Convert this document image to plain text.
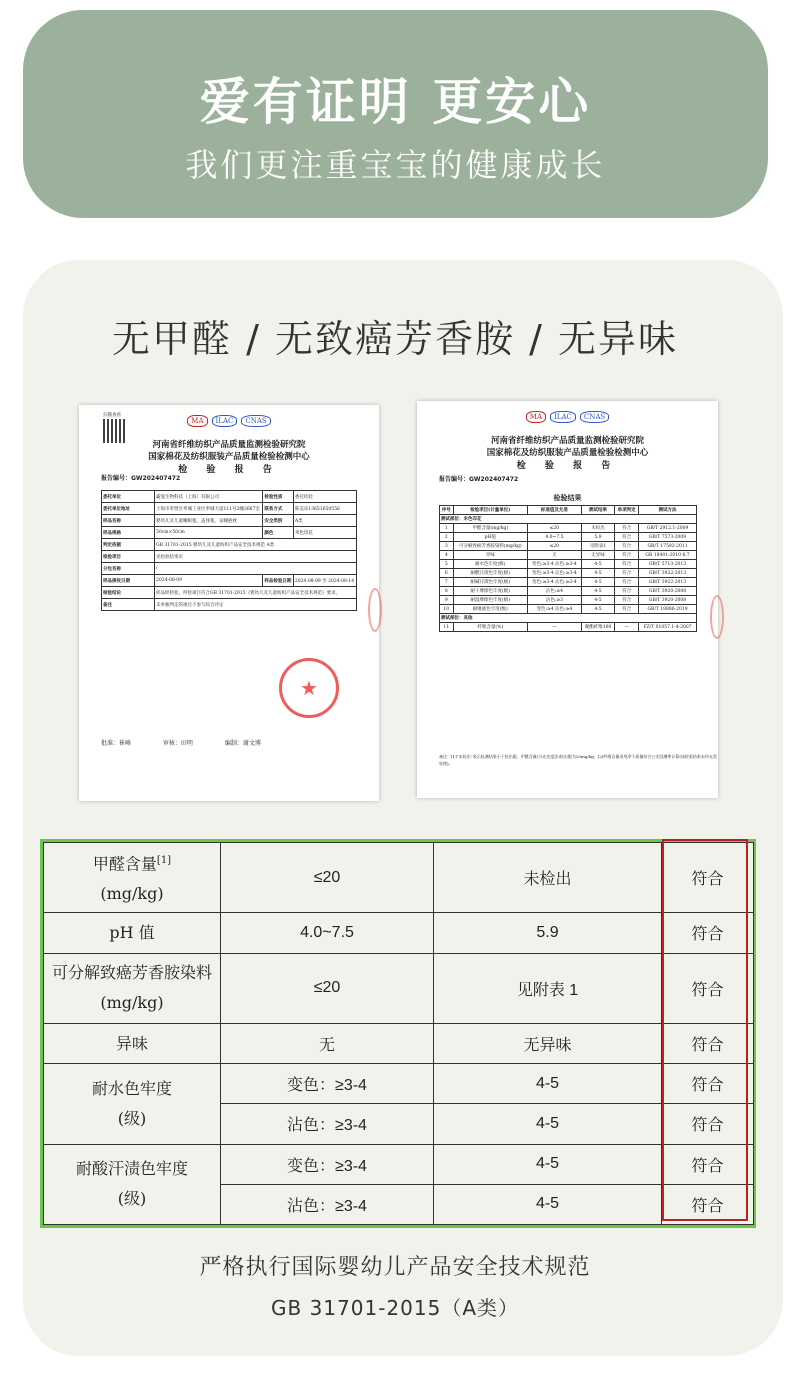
爱有证明 更安心
我们更注重宝宝的健康成长
无甲醛 / 无致癌芳香胺 / 无异味
扫描查看
MA ILAC CNAS
河南省纤维纺织产品质量监测检验研究院
国家棉花及纺织服装产品质量检验检测中心
检 验 报 告
报告编号：GW202407472
委托单位	霸蔻生物科技（上海）有限公司	检验性质	委托检验
委托单位地址	上海市奉贤区奉城工业区奉城大道111号2幢2667室	联系方式	陈美乐13651650556
样品名称	婴幼儿及儿童睡眠毯、盖体毯、安睡抱枕	安全类别	A类
样品规格	50cm×50cm	颜色	米色印花
判定依据	GB 31701-2015 婴幼儿及儿童纺织产品安全技术规范 A类		
检验项目	见检验结果页		
分包名称	/		
样品接收日期	2024-08-09	样品检验日期	2024-08-09 至 2024-08-14
检验结论	样品经检验，所检项目符合GB 31701-2015《婴幼儿及儿童纺织产品安全技术规范》要求。		
备注	未单独判定的项目不参与综合评定		
★
批准：崔峰 审核：田明 编制：谢文博
MA ILAC CNAS
河南省纤维纺织产品质量监测检验研究院
国家棉花及纺织服装产品质量检验检测中心
检 验 报 告
报告编号：GW202407472
检验结果
序号	检验项目(计量单位)	标准值及允差	测试结果	单项判定	测试方法
测试部位：米色印花					
1	甲醛含量(mg/kg)	≤20	未检出	符合	GB/T 2912.1-2009
2	pH值	4.0~7.5	5.9	符合	GB/T 7573-2009
3	可分解致癌芳香胺染料(mg/kg)	≤20	见附表1	符合	GB/T 17592-2011
4	异味	无	无异味	符合	GB 18401-2010 6.7
5	耐水色牢度(级)	变色:≥3-4 沾色:≥3-4	4-5	符合	GB/T 5713-2013
6	耐酸汗渍色牢度(级)	变色:≥3-4 沾色:≥3-4	4-5	符合	GB/T 3922-2013
7	耐碱汗渍色牢度(级)	变色:≥3-4 沾色:≥3-4	4-5	符合	GB/T 3922-2013
8	耐干摩擦色牢度(级)	沾色:≥4	4-5	符合	GB/T 3920-2008
9	耐湿摩擦色牢度(级)	沾色:≥3	4-5	符合	GB/T 3920-2008
10	耐唾液色牢度(级)	变色:≥4 沾色:≥4	4-5	符合	GB/T 18886-2019
测试部位：其他					
11	纤维含量(%)	—	聚酯纤维100	—	FZ/T 01057.1-4-2007
备注：[1]“未检出”表示检测结果小于检出限，甲醛含量(分光光度法)检出限为20mg/kg。[2]纤维含量采用净干质量结合公定回潮率计算(该检验结果未经允差处理)。
甲醛含量[1]
(mg/kg)	≤20	未检出	符合
pH 值	4.0~7.5	5.9	符合
可分解致癌芳香胺染料
(mg/kg)	≤20	见附表 1	符合
异味	无	无异味	符合
耐水色牢度
(级)	变色：≥3-4	4-5	符合
	沾色：≥3-4	4-5	符合
耐酸汗渍色牢度
(级)	变色：≥3-4	4-5	符合
	沾色：≥3-4	4-5	符合
严格执行国际婴幼儿产品安全技术规范
GB 31701-2015（A类）
